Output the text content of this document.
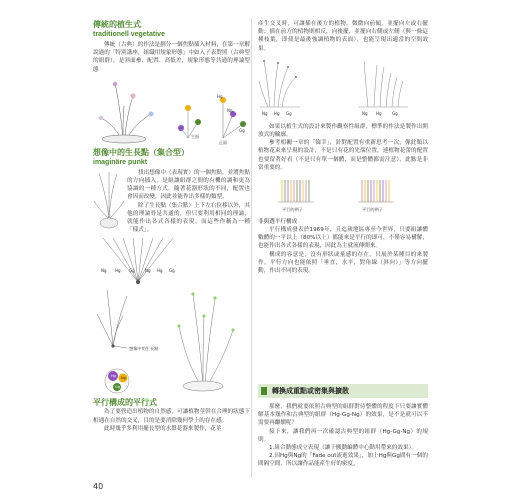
傳統的植生式
traditionell vegetative
傳統（古典）的作法是劃分一個焦點插入材料，在第一章解說過的「特別講座，組織用規象形態」中如入子表對照（古典型的組群），是斜面參、配置、高低差，規象形態等共通的理論型態
主面
Hg
Ng
Gg
正面
想像中的生長點（集合型）
imaginäre punkt
找出想像中（表現實）的一個焦點，並將焦點的方向插入，是組讓組群之間的有機的調和更為協調的一種方式，隨著花器形狀的不同，配置也會因而改變，因此並能作出多樣的類型。
除了生長點（集合點）上下左右位移以外，其他的理論骨是共通的，但只要利用相同的理論，就能作出各式各樣的表現，而這些作稱為一種「樣式」。
Ng Hg Gg	Ng Hg Gg
想像中的生長點
Hg Ng
Gg
平行構成的平行式
為了要營造出植物的自然感，可讓植物莖幹在合理的狀態下相遇在自然的交叉，目的是要消除幾何學上的存在感。
此時幾乎多利用擺長型的水盤花器來製作，花莖
產生交叉時，可讓插在後方的植物，微微向前傾，並擺向左或右擺動；插在前方的植物則相反，向後擺，並擺向右側或左側（與一條這種枝葉，即使是最後強調植物的表面），也能呈現出適當的空間效果。
Ng Hg Gg	Ng Hg	Gg
如果以植生式的設計來製作觀察性組群，標準的作法是製作出開放式的輪廓。
參考相關一章的「篩幸」，針對配置有重新思考一次，像此類以植物花束來呈現的設計，不是只有花的先端位置，連植物花蕾的配置也要留著好看（不是只有單一個體，而是整體都需注意），此點是非常重要的。
平行的例子	平行的例子
非與選平行構成
平行構成發表於1969年，且迄歲地區專至今世界，只要組讓體數體的一平以上（80%以上）都能來是平行的即可，不僅容易構解，也能作出各式各樣的表現，因此為主就流傳開來。
構成的容意是，沒有形狀或量感的存在，只展於某種目的來製作，平行方向也能依照「垂直，水平，對角線（斜向）」等方向擺動，作出不同的表現。
轉換成重點或密集與擴散
那麼，我們就要依照古典型的組群對待整體的程度下只要讓實體解基本幾作和古典型的組群（Hg-Gg-Ng）的效果，是不是就可以不需要再繼續呢？
接下來，讓我們再一次確認古典型的組群（Hg-Gg-Ng）的規則。
1.組合動態成立表現（讓于搬動編體中心動用帶來的效果）。
2.因Hg與Ng的「Fade out流逝效果」，加上Hg與Gg間有一個的間隔空間，所以讓作品能產生好的密度，
40
